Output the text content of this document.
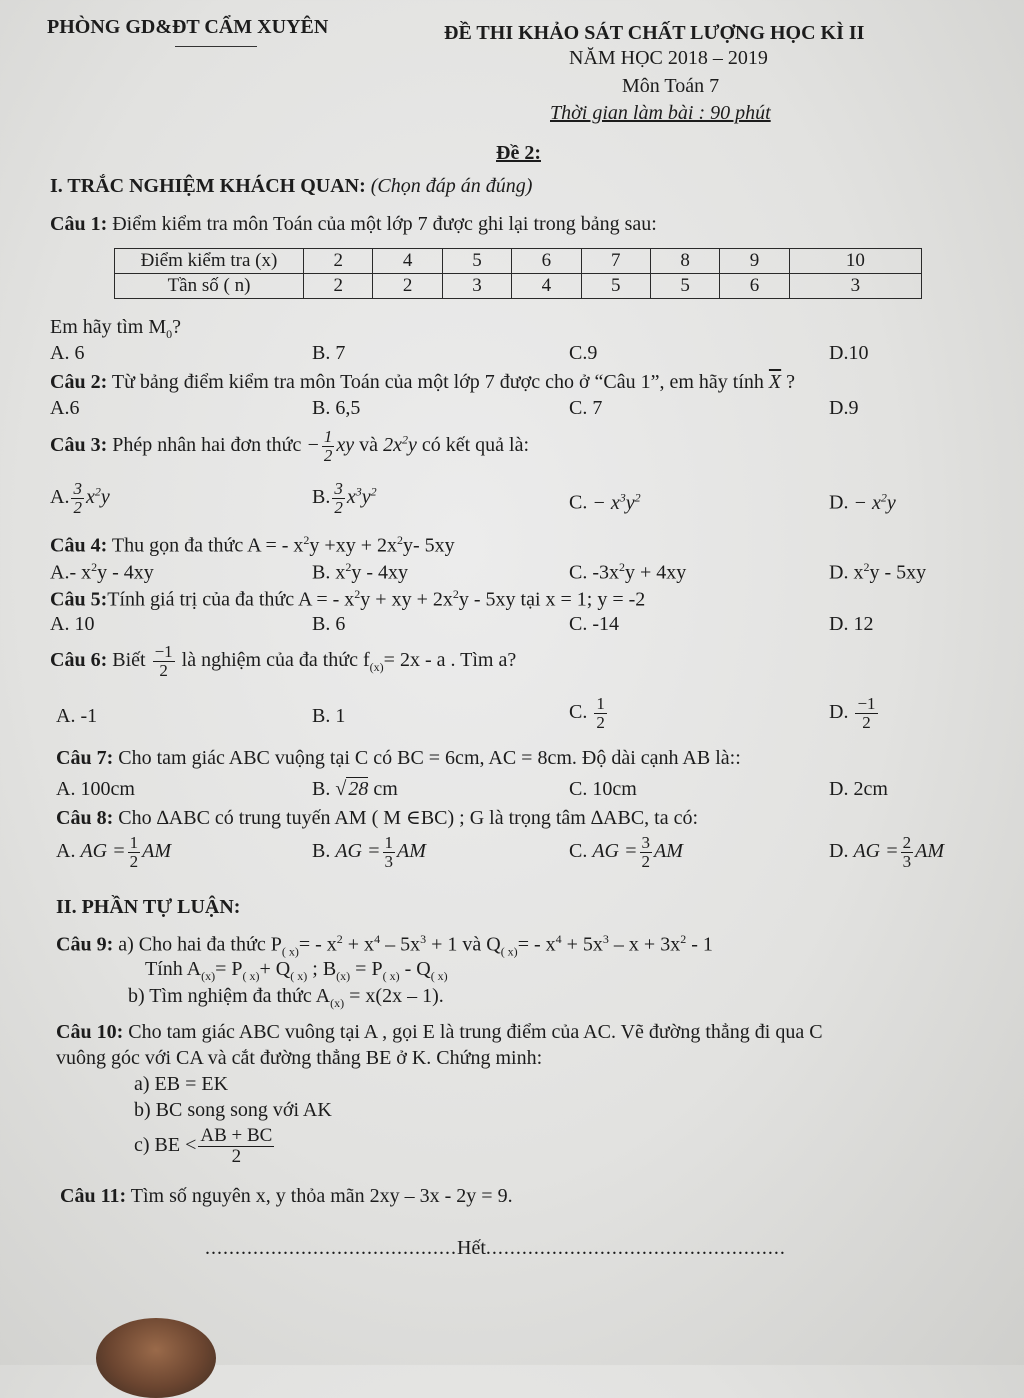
PHÒNG GD&ĐT CẨM XUYÊN	ĐỀ THI KHẢO SÁT CHẤT LƯỢNG HỌC KÌ II
NĂM HỌC 2018 – 2019
Môn Toán 7
Thời gian làm bài : 90 phút
Đề 2:
I. TRẮC NGHIỆM KHÁCH QUAN: (Chọn đáp án đúng)
Câu 1: Điểm kiểm tra môn Toán của một lớp 7 được ghi lại trong bảng sau:
Điểm kiểm tra (x)	2	4	5	6	7	8	9	10
Tần số ( n)	2	2	3	4	5	5	6	3
Em hãy tìm $M_0$?
A. 6	B. 7	C.9	D.10
Câu 2: Từ bảng điểm kiểm tra môn Toán của một lớp 7 được cho ở “Câu 1”, em hãy tính $\overline{X}$ ?
A.6	B. 6,5	C. 7	D.9
Câu 3: Phép nhân hai đơn thức − $\frac{1}{2}$ xy và $2x^2y$ có kết quả là:
A. $\frac{3}{2} x^2y$	B. $\frac{3}{2} x^3y^2$
C. − $x^3y^2$	D. − $x^2y$
Câu 4: Thu gọn đa thức A = - $x^2y +xy + 2x^2y-$ 5xy
A.- $x^2y - 4xy$	B. $x^2y - 4xy$	C. $-3x^2y + 4xy$	D. $x^2y - 5xy$
Câu 5:Tính giá trị của đa thức A = - $x^2y$ + xy + $2x^2y - 5xy$ tại x = 1; y = -2
A. 10	B. 6	C. -14	D. 12
Câu 6: Biết $\frac{-1}{2}$ là nghiệm của đa thức $f_{(x)}= 2x - a$ . Tìm a?
A. -1	B. 1	C. $\frac{1}{2}$	D. $\frac{-1}{2}$
Câu 7: Cho tam giác ABC vuộng tại C có BC = 6cm, AC = 8cm. Độ dài cạnh AB là::
A. 100cm	B. √ 28 cm	C. 10cm	D. 2cm
Câu 8: Cho ∆ABC có trung tuyến AM ( M ∈BC) ; G là trọng tâm ∆ABC, ta có:
A. AG = $\frac{1}{2}$ AM	B. AG = $\frac{1}{3}$ AM	C. AG = $\frac{3}{2}$ AM	D. AG = $\frac{2}{3}$ AM
II. PHẦN TỰ LUẬN:
Câu 9: a) Cho hai đa thức $P_{( x)}= - x^2 + x^4 - 5x^3 + 1$ và $Q_{( x)}= - x^4 + 5x^3 - x + 3x^2 - 1$
Tính $A_{(x)}= P_{( x)}+ Q_{( x)}$ ; $B_{(x)} = P_{( x)} - Q_{( x)}$
b) Tìm nghiệm đa thức $A_{(x)} = x(2x - 1)$.
Câu 10: Cho tam giác ABC vuông tại A , gọi E là trung điểm của AC. Vẽ đường thẳng đi qua C
vuông góc với CA và cắt đường thẳng BE ở K. Chứng minh:
a) EB = EK
b) BC song song với AK
c) BE < $\frac{AB + BC}{2}$
Câu 11: Tìm số nguyên x, y thỏa mãn 2xy – 3x - 2y = 9.
..........................................Hết..................................................
